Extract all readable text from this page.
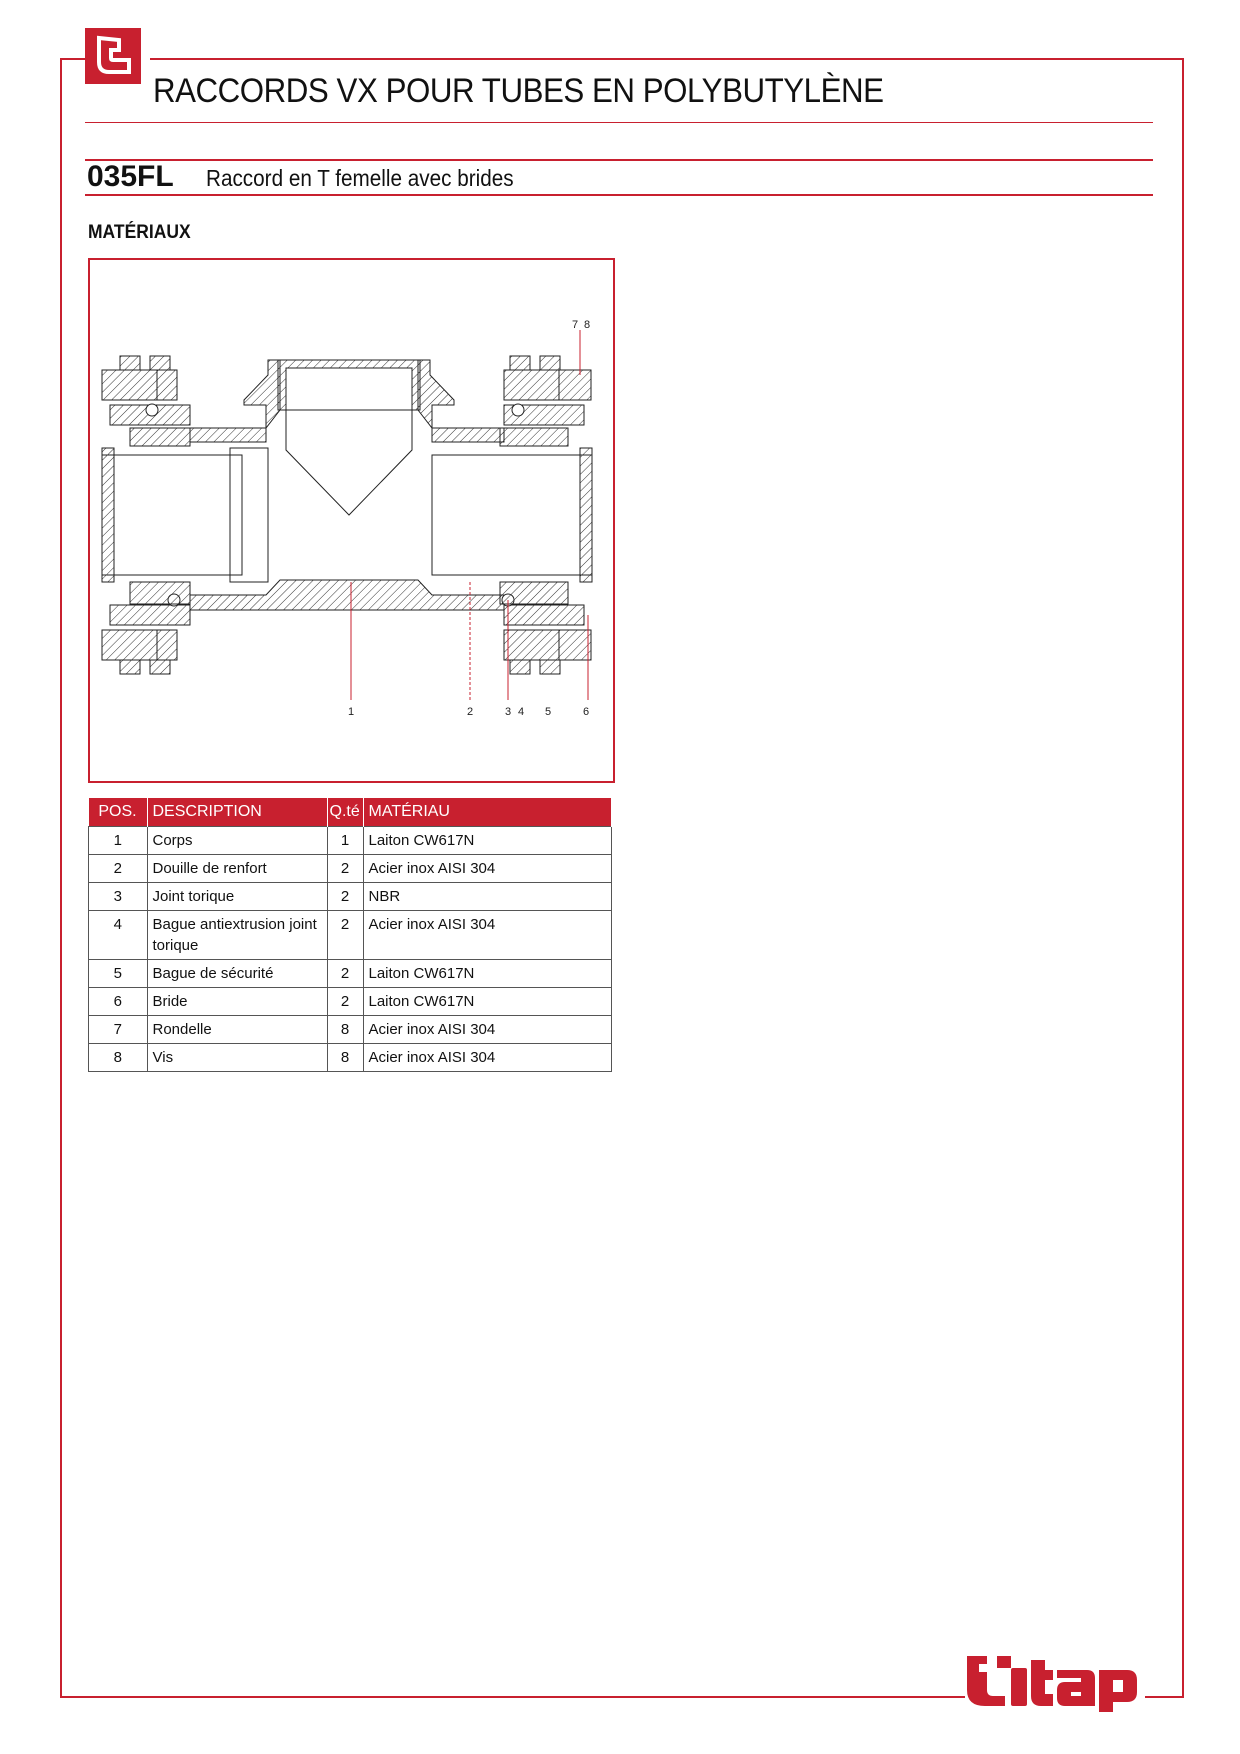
RACCORDS VX POUR TUBES EN POLYBUTYLÈNE
035FL Raccord en T femelle avec brides
MATÉRIAUX
1	2	3 4 5	6
7 8
POS.	DESCRIPTION	Q.té	MATÉRIAU
1	Corps	1	Laiton CW617N
2	Douille de renfort	2	Acier inox AISI 304
3	Joint torique	2	NBR
4	Bague antiextrusion joint torique	2	Acier inox AISI 304
5	Bague de sécurité	2	Laiton CW617N
6	Bride	2	Laiton CW617N
7	Rondelle	8	Acier inox AISI 304
8	Vis	8	Acier inox AISI 304
